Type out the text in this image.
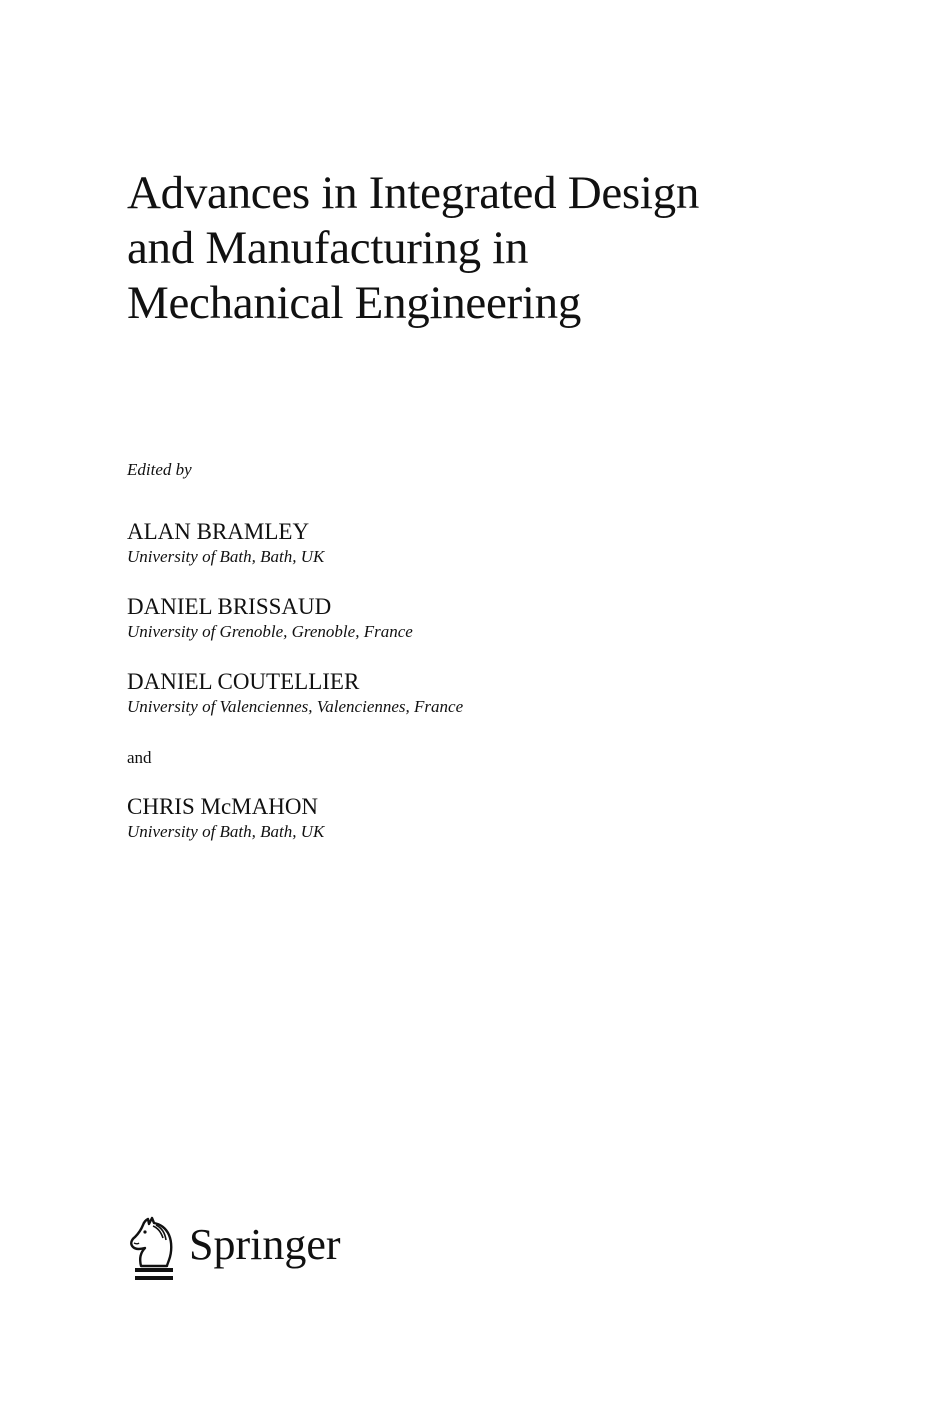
Advances in Integrated Design
and Manufacturing in
Mechanical Engineering
Edited by
ALAN BRAMLEY
University of Bath, Bath, UK
DANIEL BRISSAUD
University of Grenoble, Grenoble, France
DANIEL COUTELLIER
University of Valenciennes, Valenciennes, France
and
CHRIS McMAHON
University of Bath, Bath, UK
Springer
